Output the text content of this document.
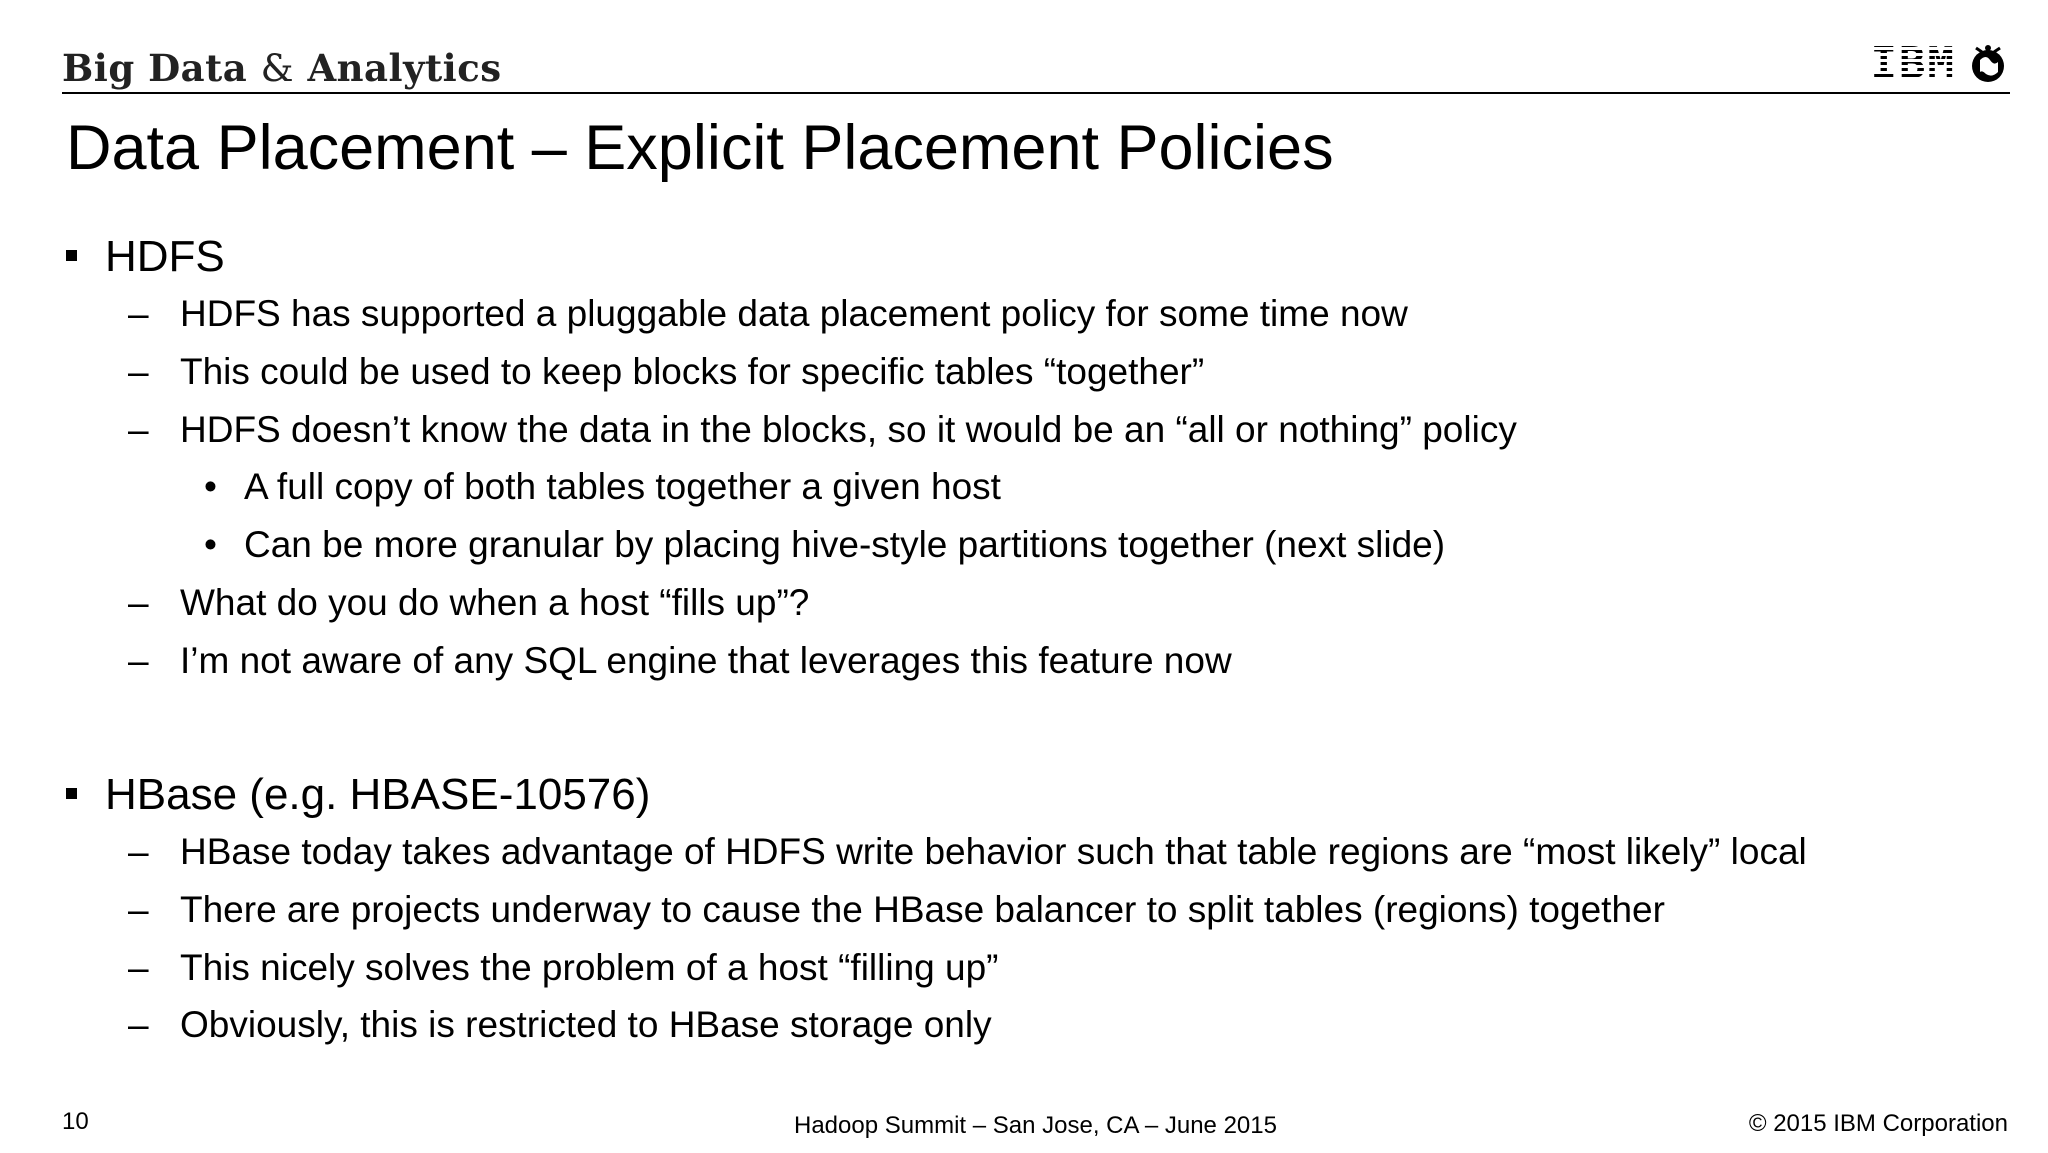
Big Data & Analytics	IBM
Data Placement – Explicit Placement Policies
HDFS
– HDFS has supported a pluggable data placement policy for some time now
– This could be used to keep blocks for specific tables “together”
– HDFS doesn’t know the data in the blocks, so it would be an “all or nothing” policy
• A full copy of both tables together a given host
• Can be more granular by placing hive-style partitions together (next slide)
– What do you do when a host “fills up”?
– I’m not aware of any SQL engine that leverages this feature now
HBase (e.g. HBASE-10576)
– HBase today takes advantage of HDFS write behavior such that table regions are “most likely” local
– There are projects underway to cause the HBase balancer to split tables (regions) together
– This nicely solves the problem of a host “filling up”
– Obviously, this is restricted to HBase storage only
10	Hadoop Summit – San Jose, CA – June 2015	© 2015 IBM Corporation
